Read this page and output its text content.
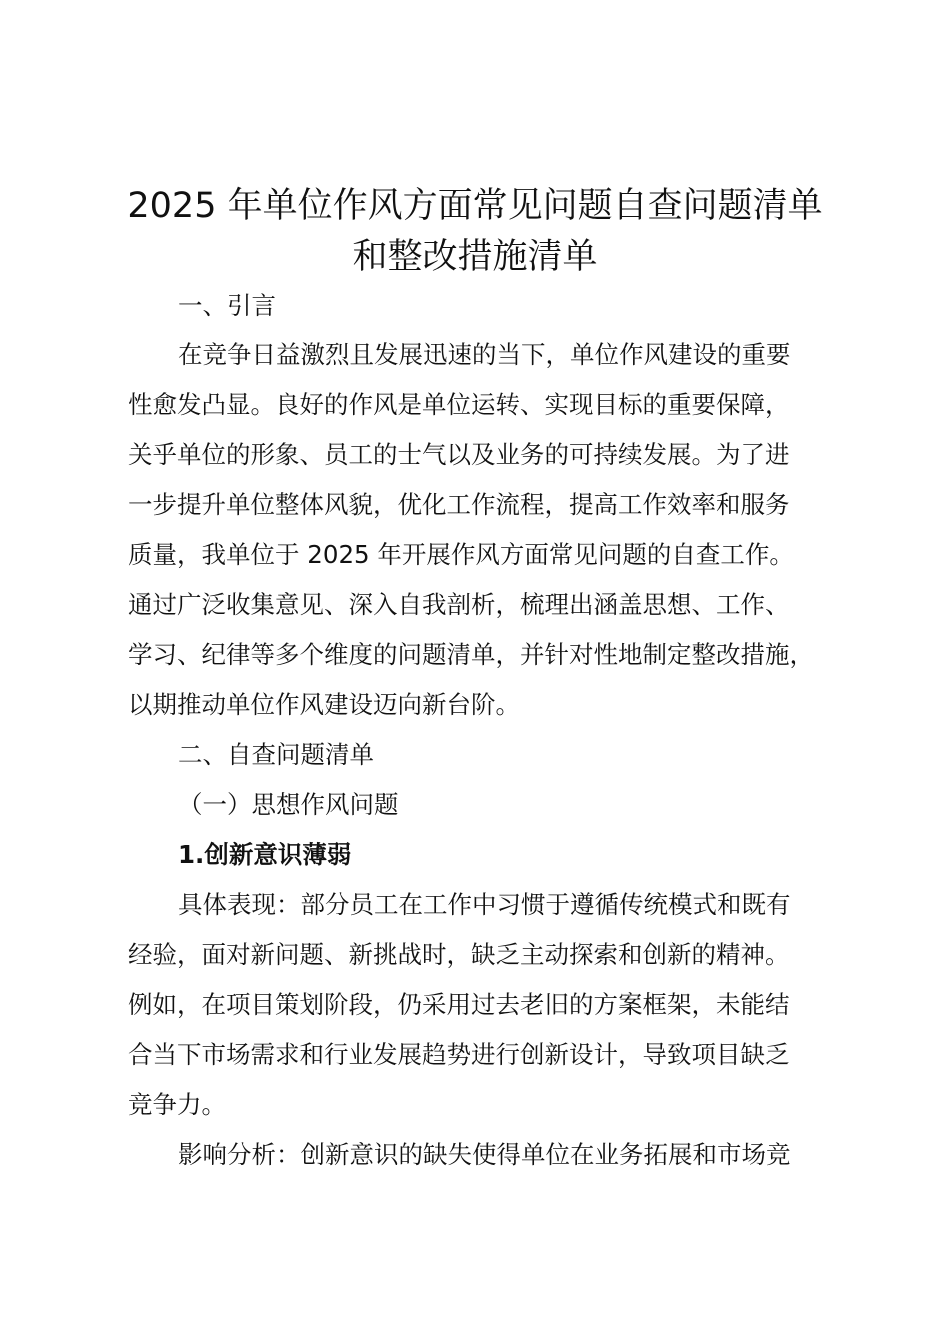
2025 年单位作风方面常见问题自查问题清单
和整改措施清单

一、引言

在竞争日益激烈且发展迅速的当下，单位作风建设的重要

性愈发凸显。良好的作风是单位运转、实现目标的重要保障，

关乎单位的形象、员工的士气以及业务的可持续发展。为了进

一步提升单位整体风貌，优化工作流程，提高工作效率和服务

质量，我单位于 2025 年开展作风方面常见问题的自查工作。

通过广泛收集意见、深入自我剖析，梳理出涵盖思想、工作、

学习、纪律等多个维度的问题清单，并针对性地制定整改措施，

以期推动单位作风建设迈向新台阶。

二、自查问题清单

（一）思想作风问题

1.创新意识薄弱

具体表现：部分员工在工作中习惯于遵循传统模式和既有

经验，面对新问题、新挑战时，缺乏主动探索和创新的精神。

例如，在项目策划阶段，仍采用过去老旧的方案框架，未能结

合当下市场需求和行业发展趋势进行创新设计，导致项目缺乏

竞争力。

影响分析：创新意识的缺失使得单位在业务拓展和市场竞
